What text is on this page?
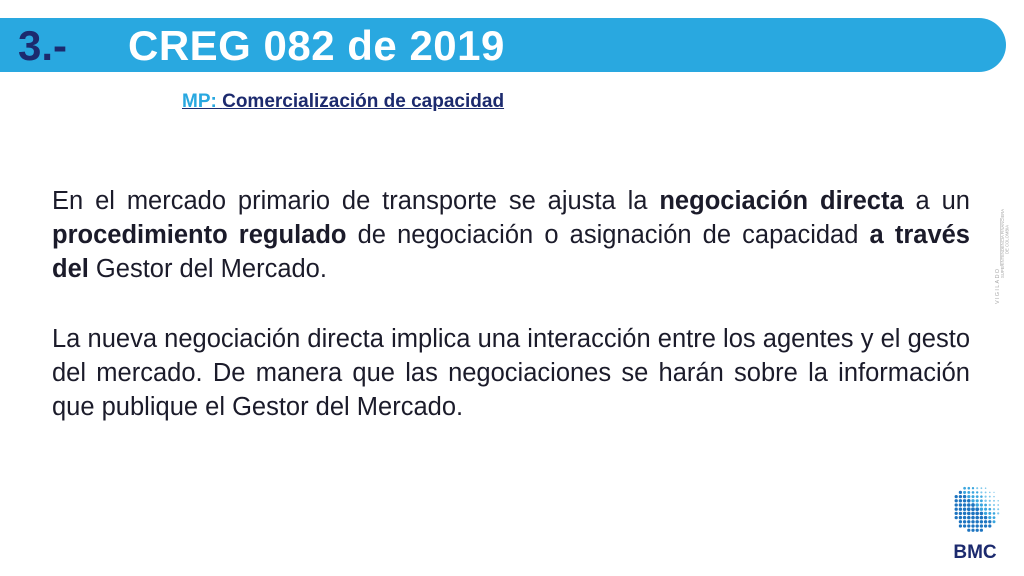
3.- CREG 082 de 2019
MP: Comercialización de capacidad

En el mercado primario de transporte se ajusta la negociación directa a un procedimiento regulado de negociación o asignación de capacidad a través del Gestor del Mercado.

La nueva negociación directa implica una interacción entre los agentes y el gesto del mercado. De manera que las negociaciones se harán sobre la información que publique el Gestor del Mercado.

VIGILADO
SUPERINTENDENCIA FINANCIERA DE COLOMBIA
BMC
